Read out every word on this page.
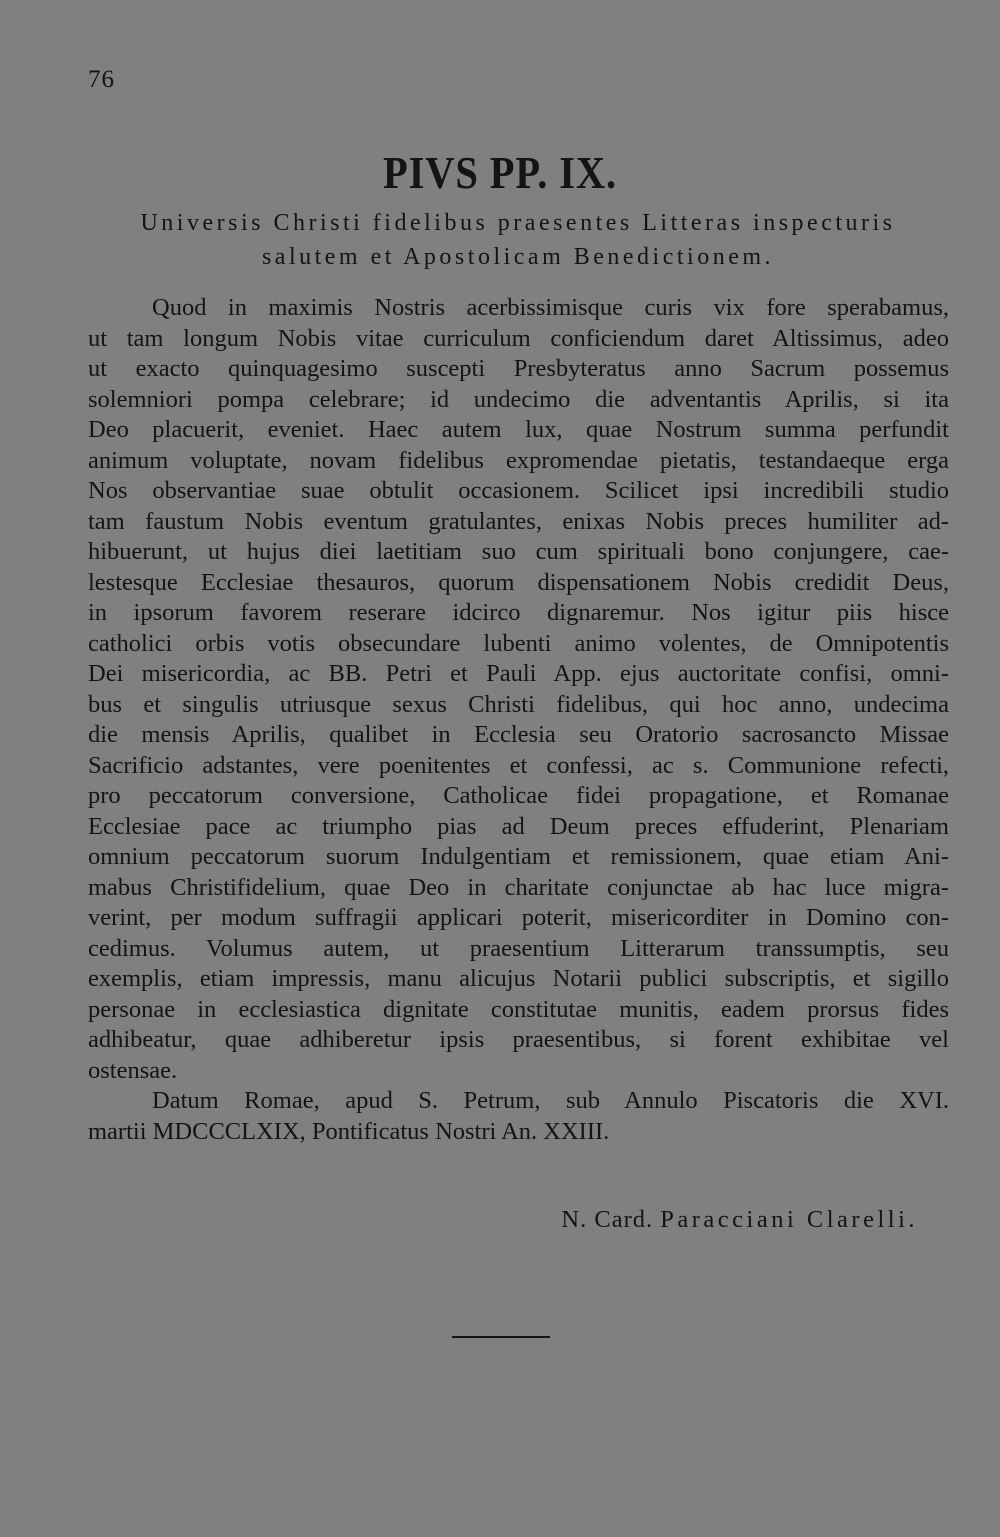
76
PIVS PP. IX.
Universis Christi fidelibus praesentes Litteras inspecturis
salutem et Apostolicam Benedictionem.
Quod in maximis Nostris acerbissimisque curis vix fore sperabamus,
ut tam longum Nobis vitae curriculum conficiendum daret Altissimus, adeo
ut exacto quinquagesimo suscepti Presbyteratus anno Sacrum possemus
solemniori pompa celebrare; id undecimo die adventantis Aprilis, si ita
Deo placuerit, eveniet. Haec autem lux, quae Nostrum summa perfundit
animum voluptate, novam fidelibus expromendae pietatis, testandaeque erga
Nos observantiae suae obtulit occasionem. Scilicet ipsi incredibili studio
tam faustum Nobis eventum gratulantes, enixas Nobis preces humiliter ad-
hibuerunt, ut hujus diei laetitiam suo cum spirituali bono conjungere, cae-
lestesque Ecclesiae thesauros, quorum dispensationem Nobis credidit Deus,
in ipsorum favorem reserare idcirco dignaremur. Nos igitur piis hisce
catholici orbis votis obsecundare lubenti animo volentes, de Omnipotentis
Dei misericordia, ac BB. Petri et Pauli App. ejus auctoritate confisi, omni-
bus et singulis utriusque sexus Christi fidelibus, qui hoc anno, undecima
die mensis Aprilis, qualibet in Ecclesia seu Oratorio sacrosancto Missae
Sacrificio adstantes, vere poenitentes et confessi, ac s. Communione refecti,
pro peccatorum conversione, Catholicae fidei propagatione, et Romanae
Ecclesiae pace ac triumpho pias ad Deum preces effuderint, Plenariam
omnium peccatorum suorum Indulgentiam et remissionem, quae etiam Ani-
mabus Christifidelium, quae Deo in charitate conjunctae ab hac luce migra-
verint, per modum suffragii applicari poterit, misericorditer in Domino con-
cedimus. Volumus autem, ut praesentium Litterarum transsumptis, seu
exemplis, etiam impressis, manu alicujus Notarii publici subscriptis, et sigillo
personae in ecclesiastica dignitate constitutae munitis, eadem prorsus fides
adhibeatur, quae adhiberetur ipsis praesentibus, si forent exhibitae vel
ostensae.
Datum Romae, apud S. Petrum, sub Annulo Piscatoris die XVI.
martii MDCCCLXIX, Pontificatus Nostri An. XXIII.
N. Card. Paracciani Clarelli.
